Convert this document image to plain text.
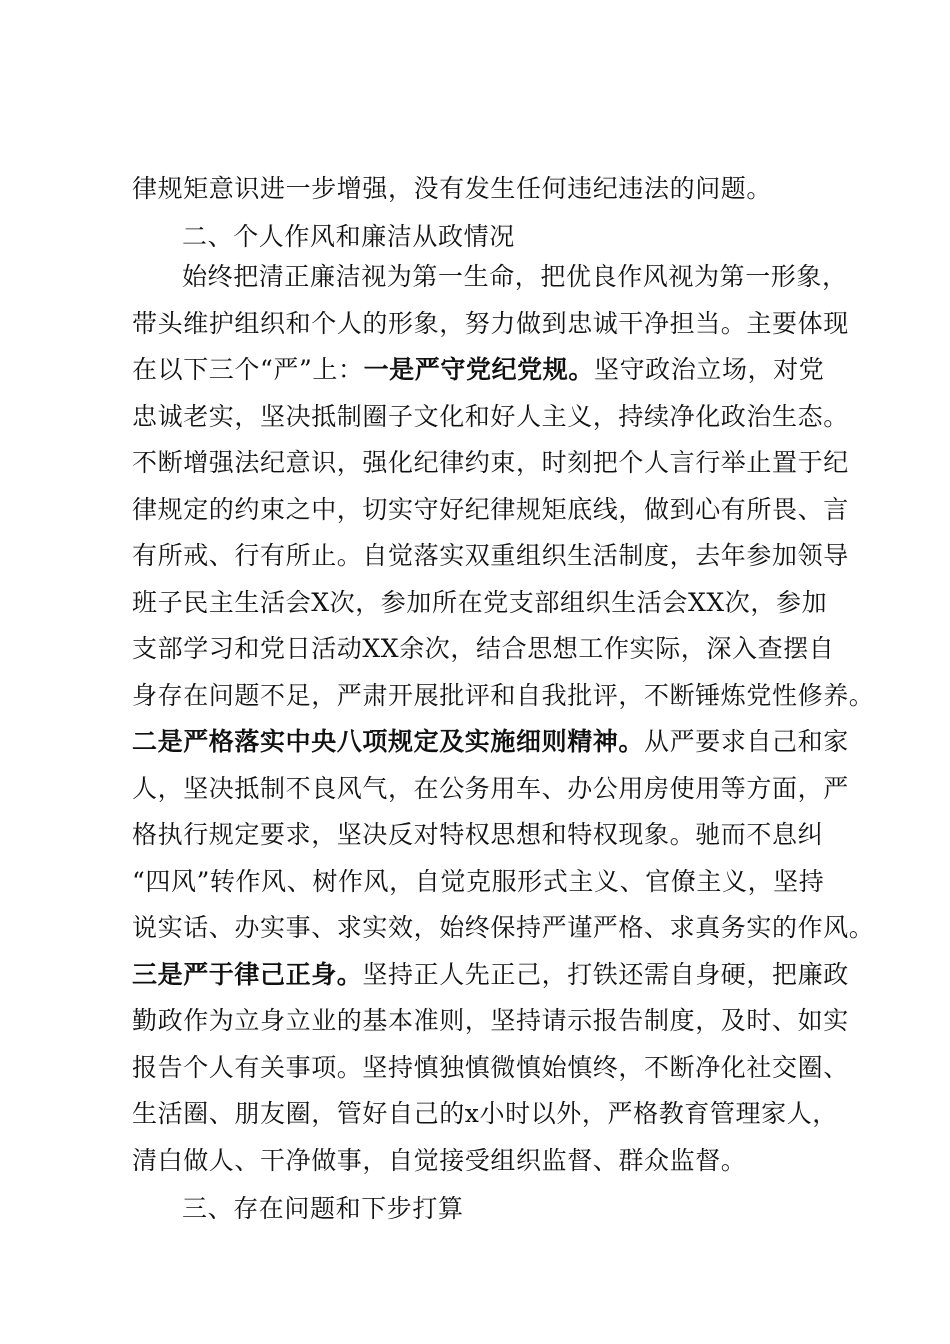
律规矩意识进一步增强，没有发生任何违纪违法的问题。
二、个人作风和廉洁从政情况
始终把清正廉洁视为第一生命，把优良作风视为第一形象，
带头维护组织和个人的形象，努力做到忠诚干净担当。主要体现
在以下三个“严”上：一是严守党纪党规。坚守政治立场，对党
忠诚老实，坚决抵制圈子文化和好人主义，持续净化政治生态。
不断增强法纪意识，强化纪律约束，时刻把个人言行举止置于纪
律规定的约束之中，切实守好纪律规矩底线，做到心有所畏、言
有所戒、行有所止。自觉落实双重组织生活制度，去年参加领导
班子民主生活会X次，参加所在党支部组织生活会XX次，参加
支部学习和党日活动XX余次，结合思想工作实际，深入查摆自
身存在问题不足，严肃开展批评和自我批评，不断锤炼党性修养。
二是严格落实中央八项规定及实施细则精神。从严要求自己和家
人，坚决抵制不良风气，在公务用车、办公用房使用等方面，严
格执行规定要求，坚决反对特权思想和特权现象。驰而不息纠
“四风”转作风、树作风，自觉克服形式主义、官僚主义，坚持
说实话、办实事、求实效，始终保持严谨严格、求真务实的作风。
三是严于律己正身。坚持正人先正己，打铁还需自身硬，把廉政
勤政作为立身立业的基本准则，坚持请示报告制度，及时、如实
报告个人有关事项。坚持慎独慎微慎始慎终，不断净化社交圈、
生活圈、朋友圈，管好自己的x小时以外，严格教育管理家人，
清白做人、干净做事，自觉接受组织监督、群众监督。
三、存在问题和下步打算
